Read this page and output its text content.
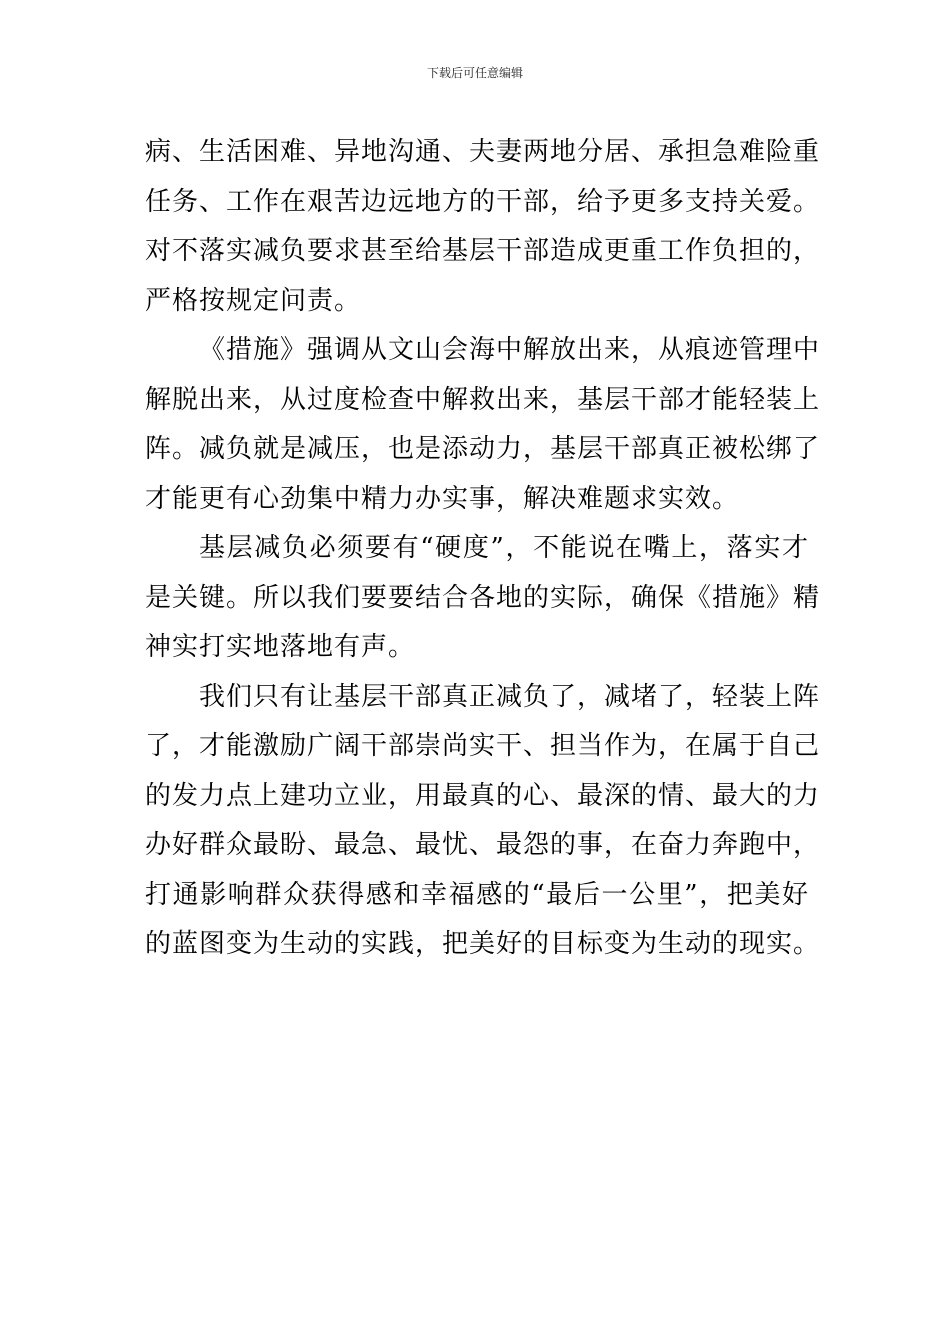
下载后可任意编辑
病、生活困难、异地沟通、夫妻两地分居、承担急难险重
任务、工作在艰苦边远地方的干部，给予更多支持关爱。
对不落实减负要求甚至给基层干部造成更重工作负担的，
严格按规定问责。
《措施》强调从文山会海中解放出来，从痕迹管理中
解脱出来，从过度检查中解救出来，基层干部才能轻装上
阵。减负就是减压，也是添动力，基层干部真正被松绑了
才能更有心劲集中精力办实事，解决难题求实效。
基层减负必须要有“硬度”，不能说在嘴上，落实才
是关键。所以我们要要结合各地的实际，确保《措施》精
神实打实地落地有声。
我们只有让基层干部真正减负了，减堵了，轻装上阵
了，才能激励广阔干部崇尚实干、担当作为，在属于自己
的发力点上建功立业，用最真的心、最深的情、最大的力
办好群众最盼、最急、最忧、最怨的事，在奋力奔跑中，
打通影响群众获得感和幸福感的“最后一公里”，把美好
的蓝图变为生动的实践，把美好的目标变为生动的现实。
